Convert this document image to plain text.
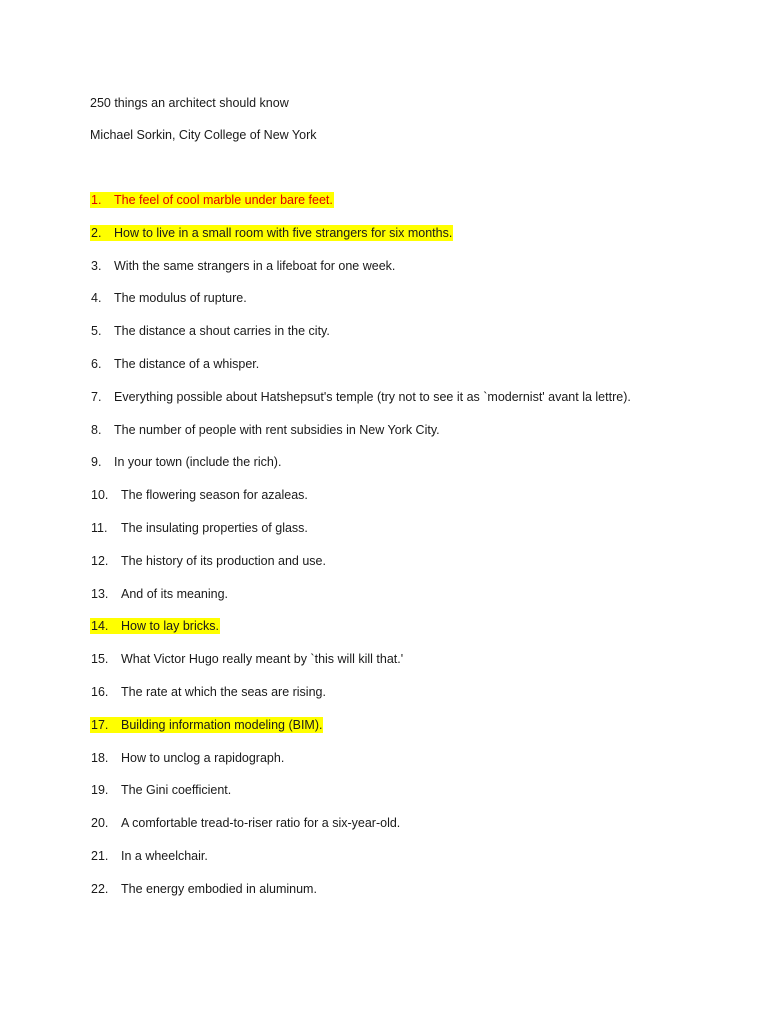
250 things an architect should know
Michael Sorkin, City College of New York
1. The feel of cool marble under bare feet.
2. How to live in a small room with five strangers for six months.
3. With the same strangers in a lifeboat for one week.
4. The modulus of rupture.
5. The distance a shout carries in the city.
6. The distance of a whisper.
7. Everything possible about Hatshepsut's temple (try not to see it as `modernist' avant la lettre).
8. The number of people with rent subsidies in New York City.
9. In your town (include the rich).
10. The flowering season for azaleas.
11. The insulating properties of glass.
12. The history of its production and use.
13. And of its meaning.
14. How to lay bricks.
15. What Victor Hugo really meant by `this will kill that.'
16. The rate at which the seas are rising.
17. Building information modeling (BIM).
18. How to unclog a rapidograph.
19. The Gini coefficient.
20. A comfortable tread-to-riser ratio for a six-year-old.
21. In a wheelchair.
22. The energy embodied in aluminum.
